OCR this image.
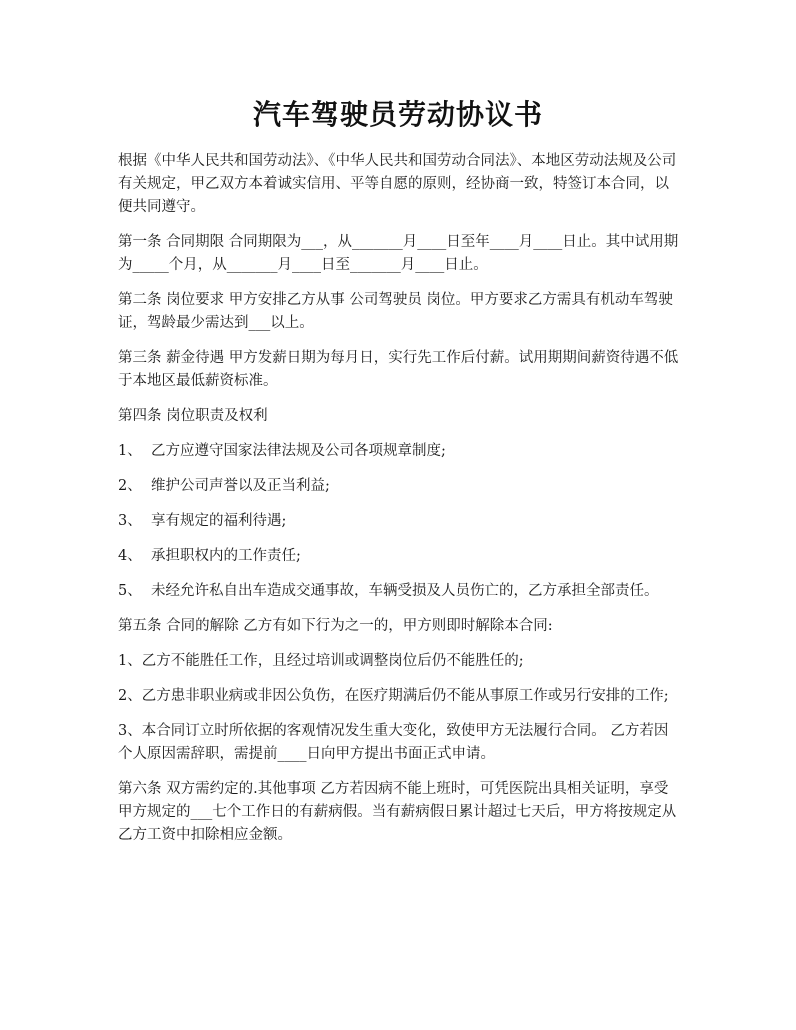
汽车驾驶员劳动协议书

根据《中华人民共和国劳动法》、《中华人民共和国劳动合同法》、本地区劳动法规及公司有关规定，甲乙双方本着诚实信用、平等自愿的原则，经协商一致，特签订本合同，以便共同遵守。

第一条 合同期限 合同期限为___，从_______月____日至年____月____日止。其中试用期为_____个月，从_______月____日至_______月____日止。

第二条 岗位要求 甲方安排乙方从事 公司驾驶员 岗位。甲方要求乙方需具有机动车驾驶证，驾龄最少需达到___以上。

第三条 薪金待遇 甲方发薪日期为每月日，实行先工作后付薪。试用期期间薪资待遇不低于本地区最低薪资标准。

第四条 岗位职责及权利

1、  乙方应遵守国家法律法规及公司各项规章制度;

2、  维护公司声誉以及正当利益;

3、  享有规定的福利待遇;

4、  承担职权内的工作责任;

5、  未经允许私自出车造成交通事故，车辆受损及人员伤亡的，乙方承担全部责任。

第五条 合同的解除 乙方有如下行为之一的，甲方则即时解除本合同:

1、乙方不能胜任工作，且经过培训或调整岗位后仍不能胜任的;

2、乙方患非职业病或非因公负伤，在医疗期满后仍不能从事原工作或另行安排的工作;

3、本合同订立时所依据的客观情况发生重大变化，致使甲方无法履行合同。 乙方若因个人原因需辞职，需提前____日向甲方提出书面正式申请。

第六条 双方需约定的.其他事项 乙方若因病不能上班时，可凭医院出具相关证明，享受甲方规定的___七个工作日的有薪病假。当有薪病假日累计超过七天后，甲方将按规定从乙方工资中扣除相应金额。
